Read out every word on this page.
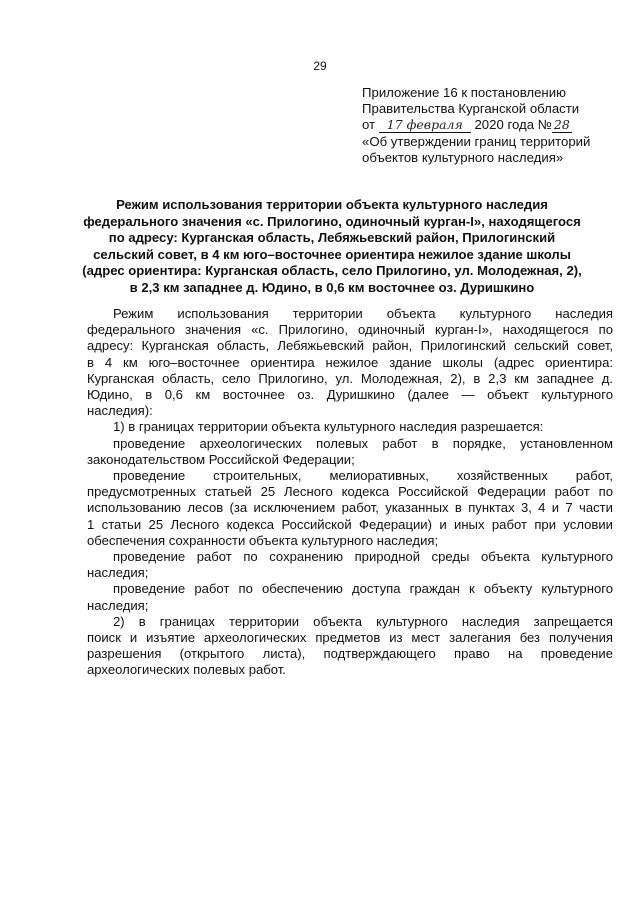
29
Приложение 16 к постановлению
Правительства Курганской области
от 17 февраля 2020 года № 28
«Об утверждении границ территорий
объектов культурного наследия»
Режим использования территории объекта культурного наследия
федерального значения «с. Прилогино, одиночный курган-I», находящегося
по адресу: Курганская область, Лебяжьевский район, Прилогинский
сельский совет, в 4 км юго–восточнее ориентира нежилое здание школы
(адрес ориентира: Курганская область, село Прилогино, ул. Молодежная, 2),
в 2,3 км западнее д. Юдино, в 0,6 км восточнее оз. Дуришкино
Режим использования территории объекта культурного наследия
федерального значения «с. Прилогино, одиночный курган-I», находящегося по
адресу: Курганская область, Лебяжьевский район, Прилогинский сельский совет,
в 4 км юго–восточнее ориентира нежилое здание школы (адрес ориентира:
Курганская область, село Прилогино, ул. Молодежная, 2), в 2,3 км западнее д.
Юдино, в 0,6 км восточнее оз. Дуришкино (далее — объект культурного
наследия):
1) в границах территории объекта культурного наследия разрешается:
проведение археологических полевых работ в порядке, установленном
законодательством Российской Федерации;
проведение строительных, мелиоративных, хозяйственных работ,
предусмотренных статьей 25 Лесного кодекса Российской Федерации работ по
использованию лесов (за исключением работ, указанных в пунктах 3, 4 и 7 части
1 статьи 25 Лесного кодекса Российской Федерации) и иных работ при условии
обеспечения сохранности объекта культурного наследия;
проведение работ по сохранению природной среды объекта культурного
наследия;
проведение работ по обеспечению доступа граждан к объекту культурного
наследия;
2) в границах территории объекта культурного наследия запрещается
поиск и изъятие археологических предметов из мест залегания без получения
разрешения (открытого листа), подтверждающего право на проведение
археологических полевых работ.
